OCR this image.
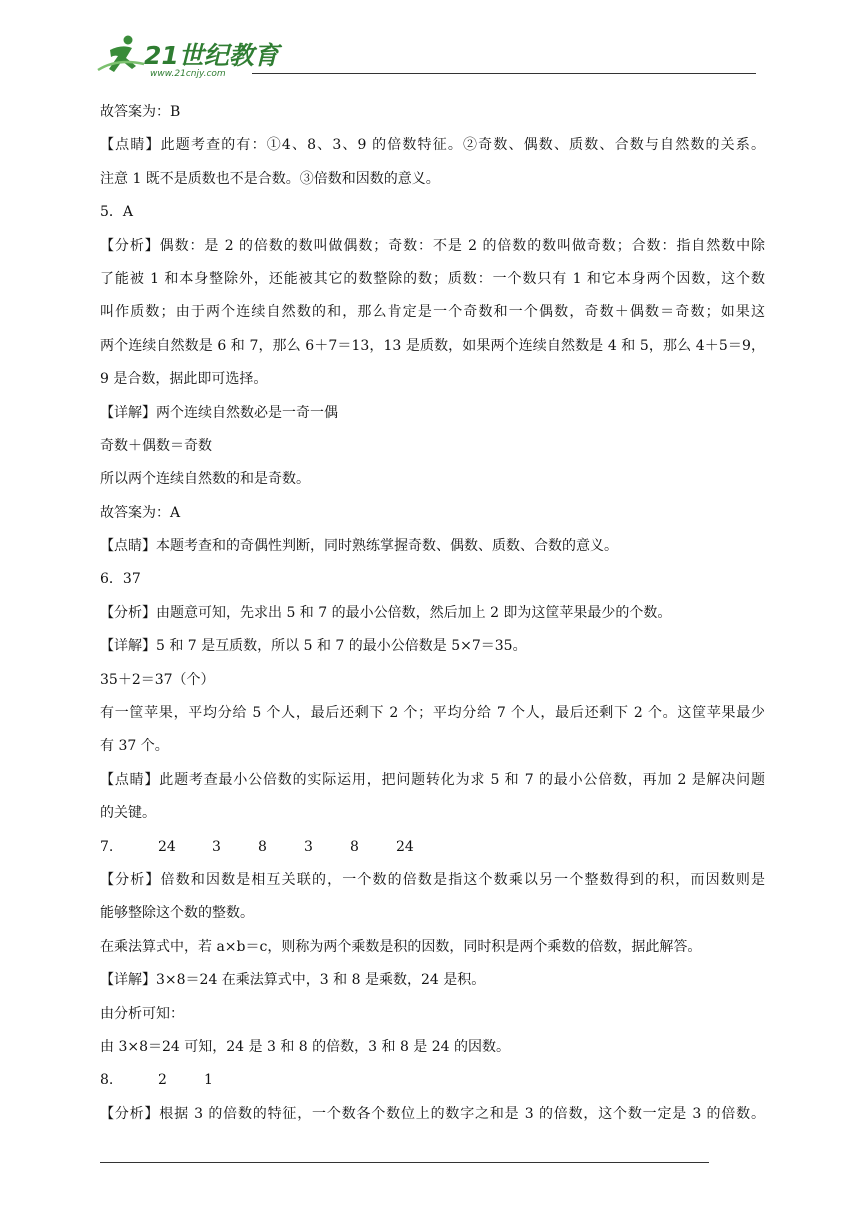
21世纪教育
www.21cnjy.com
故答案为：B
【点睛】此题考查的有：①4、8、3、9 的倍数特征。②奇数、偶数、质数、合数与自然数的关系。
注意 1 既不是质数也不是合数。③倍数和因数的意义。
5．A
【分析】偶数：是 2 的倍数的数叫做偶数；奇数：不是 2 的倍数的数叫做奇数；合数：指自然数中除
了能被 1 和本身整除外，还能被其它的数整除的数；质数：一个数只有 1 和它本身两个因数，这个数
叫作质数；由于两个连续自然数的和，那么肯定是一个奇数和一个偶数，奇数＋偶数＝奇数；如果这
两个连续自然数是 6 和 7，那么 6＋7＝13，13 是质数，如果两个连续自然数是 4 和 5，那么 4＋5＝9，
9 是合数，据此即可选择。
【详解】两个连续自然数必是一奇一偶
奇数＋偶数＝奇数
所以两个连续自然数的和是奇数。
故答案为：A
【点睛】本题考查和的奇偶性判断，同时熟练掌握奇数、偶数、质数、合数的意义。
6．37
【分析】由题意可知，先求出 5 和 7 的最小公倍数，然后加上 2 即为这筐苹果最少的个数。
【详解】5 和 7 是互质数，所以 5 和 7 的最小公倍数是 5×7＝35。
35＋2＝37（个）
有一筐苹果，平均分给 5 个人，最后还剩下 2 个；平均分给 7 个人，最后还剩下 2 个。这筐苹果最少
有 37 个。
【点睛】此题考查最小公倍数的实际运用，把问题转化为求 5 和 7 的最小公倍数，再加 2 是解决问题
的关键。
7.	24	3	8	3	8	24
【分析】倍数和因数是相互关联的，一个数的倍数是指这个数乘以另一个整数得到的积，而因数则是
能够整除这个数的整数。
在乘法算式中，若 a×b＝c，则称为两个乘数是积的因数，同时积是两个乘数的倍数，据此解答。
【详解】3×8＝24 在乘法算式中，3 和 8 是乘数，24 是积。
由分析可知：
由 3×8＝24 可知，24 是 3 和 8 的倍数，3 和 8 是 24 的因数。
8.	2	1
【分析】根据 3 的倍数的特征，一个数各个数位上的数字之和是 3 的倍数，这个数一定是 3 的倍数。
